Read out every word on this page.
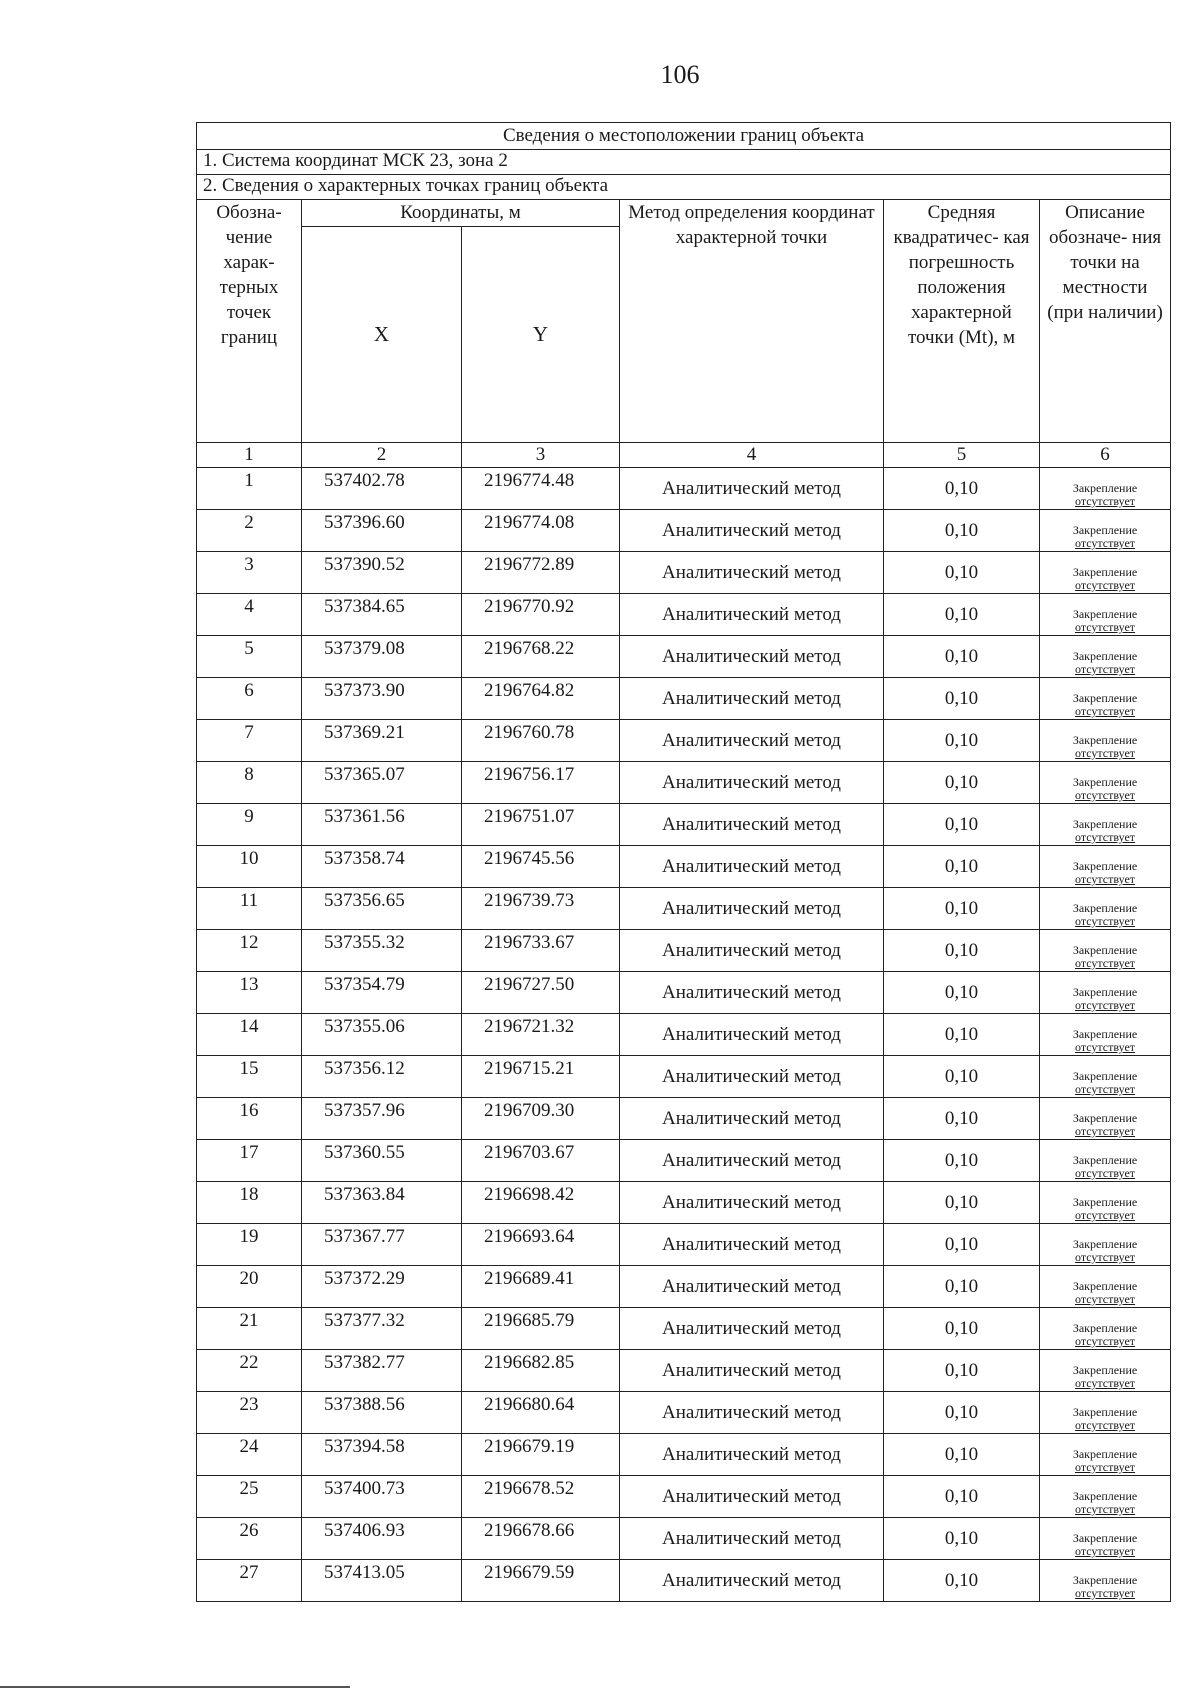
106
Сведения о местоположении границ объекта					
1. Система координат МСК 23, зона 2					
2. Сведения о характерных точках границ объекта					
Обозна- чение харак- терных точек границ	Координаты, м		Метод определения координат характерной точки	Средняя квадратичес- кая погрешность положения характерной точки (Mt), м	Описание обозначе- ния точки на местности (при наличии)
	X	Y			
1	2	3	4	5	6
1	537402.78	2196774.48	Аналитический метод	0,10	Закрепление
отсутствует

2	537396.60	2196774.08	Аналитический метод	0,10	Закрепление
отсутствует

3	537390.52	2196772.89	Аналитический метод	0,10	Закрепление
отсутствует

4	537384.65	2196770.92	Аналитический метод	0,10	Закрепление
отсутствует

5	537379.08	2196768.22	Аналитический метод	0,10	Закрепление
отсутствует

6	537373.90	2196764.82	Аналитический метод	0,10	Закрепление
отсутствует

7	537369.21	2196760.78	Аналитический метод	0,10	Закрепление
отсутствует

8	537365.07	2196756.17	Аналитический метод	0,10	Закрепление
отсутствует

9	537361.56	2196751.07	Аналитический метод	0,10	Закрепление
отсутствует

10	537358.74	2196745.56	Аналитический метод	0,10	Закрепление
отсутствует

11	537356.65	2196739.73	Аналитический метод	0,10	Закрепление
отсутствует

12	537355.32	2196733.67	Аналитический метод	0,10	Закрепление
отсутствует

13	537354.79	2196727.50	Аналитический метод	0,10	Закрепление
отсутствует

14	537355.06	2196721.32	Аналитический метод	0,10	Закрепление
отсутствует

15	537356.12	2196715.21	Аналитический метод	0,10	Закрепление
отсутствует

16	537357.96	2196709.30	Аналитический метод	0,10	Закрепление
отсутствует

17	537360.55	2196703.67	Аналитический метод	0,10	Закрепление
отсутствует

18	537363.84	2196698.42	Аналитический метод	0,10	Закрепление
отсутствует

19	537367.77	2196693.64	Аналитический метод	0,10	Закрепление
отсутствует

20	537372.29	2196689.41	Аналитический метод	0,10	Закрепление
отсутствует

21	537377.32	2196685.79	Аналитический метод	0,10	Закрепление
отсутствует

22	537382.77	2196682.85	Аналитический метод	0,10	Закрепление
отсутствует

23	537388.56	2196680.64	Аналитический метод	0,10	Закрепление
отсутствует

24	537394.58	2196679.19	Аналитический метод	0,10	Закрепление
отсутствует

25	537400.73	2196678.52	Аналитический метод	0,10	Закрепление
отсутствует

26	537406.93	2196678.66	Аналитический метод	0,10	Закрепление
отсутствует

27	537413.05	2196679.59	Аналитический метод	0,10	Закрепление
отсутствует
